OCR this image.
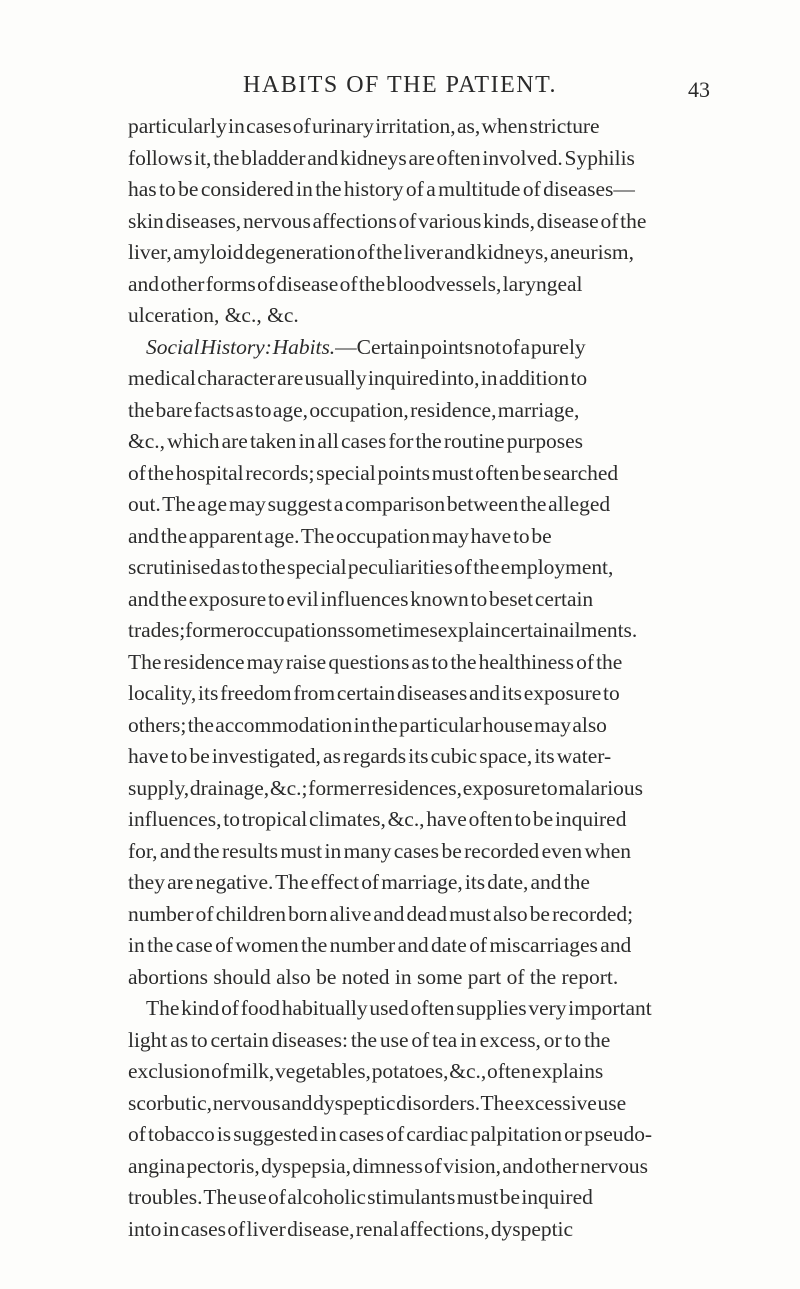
HABITS OF THE PATIENT.	43
particularly in cases of urinary irritation, as, when stricture
follows it, the bladder and kidneys are often involved. Syphilis
has to be considered in the history of a multitude of diseases—
skin diseases, nervous affections of various kinds, disease of the
liver, amyloid degeneration of the liver and kidneys, aneurism,
and other forms of disease of the bloodvessels, laryngeal
ulceration, &c., &c.
Social History: Habits.—Certain points not of a purely
medical character are usually inquired into, in addition to
the bare facts as to age, occupation, residence, marriage,
&c., which are taken in all cases for the routine purposes
of the hospital records; special points must often be searched
out. The age may suggest a comparison between the alleged
and the apparent age. The occupation may have to be
scrutinised as to the special peculiarities of the employment,
and the exposure to evil influences known to beset certain
trades; former occupations sometimes explain certain ailments.
The residence may raise questions as to the healthiness of the
locality, its freedom from certain diseases and its exposure to
others; the accommodation in the particular house may also
have to be investigated, as regards its cubic space, its water-
supply, drainage, &c.; former residences, exposure to malarious
influences, to tropical climates, &c., have often to be inquired
for, and the results must in many cases be recorded even when
they are negative. The effect of marriage, its date, and the
number of children born alive and dead must also be recorded;
in the case of women the number and date of miscarriages and
abortions should also be noted in some part of the report.
The kind of food habitually used often supplies very important
light as to certain diseases: the use of tea in excess, or to the
exclusion of milk, vegetables, potatoes, &c., often explains
scorbutic, nervous and dyspeptic disorders. The excessive use
of tobacco is suggested in cases of cardiac palpitation or pseudo-
angina pectoris, dyspepsia, dimness of vision, and other nervous
troubles. The use of alcoholic stimulants must be inquired
into in cases of liver disease, renal affections, dyspeptic
